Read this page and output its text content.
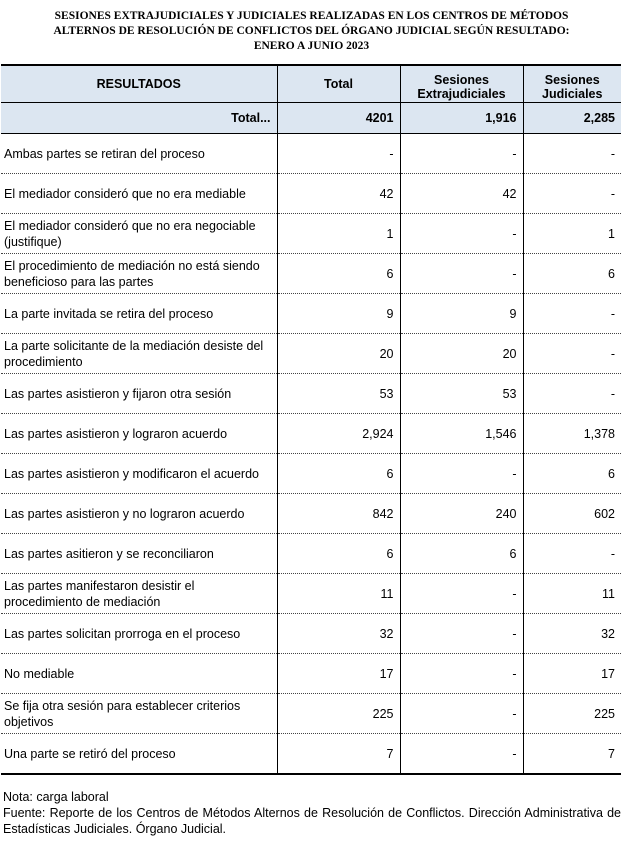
SESIONES EXTRAJUDICIALES Y JUDICIALES REALIZADAS EN LOS CENTROS DE MÉTODOS
ALTERNOS DE RESOLUCIÓN DE CONFLICTOS DEL ÓRGANO JUDICIAL SEGÚN RESULTADO:
ENERO A JUNIO 2023
RESULTADOS	Total	Sesiones Extrajudiciales	Sesiones Judiciales
Total...	4201	1,916	2,285
Ambas partes se retiran del proceso	-	-	-
El mediador consideró que no era mediable	42	42	-
El mediador consideró que no era negociable (justifique)	1	-	1
El procedimiento de mediación no está siendo beneficioso para las partes	6	-	6
La parte invitada se retira del proceso	9	9	-
La parte solicitante de la mediación desiste del procedimiento	20	20	-
Las partes asistieron y fijaron otra sesión	53	53	-
Las partes asistieron y lograron acuerdo	2,924	1,546	1,378
Las partes asistieron y modificaron el acuerdo	6	-	6
Las partes asistieron y no lograron acuerdo	842	240	602
Las partes asitieron y se reconciliaron	6	6	-
Las partes manifestaron desistir el procedimiento de mediación	11	-	11
Las partes solicitan prorroga en el proceso	32	-	32
No mediable	17	-	17
Se fija otra sesión para establecer criterios objetivos	225	-	225
Una parte se retiró del proceso	7	-	7
Nota: carga laboral
Fuente: Reporte de los Centros de Métodos Alternos de Resolución de Conflictos. Dirección Administrativa de Estadísticas Judiciales. Órgano Judicial.
